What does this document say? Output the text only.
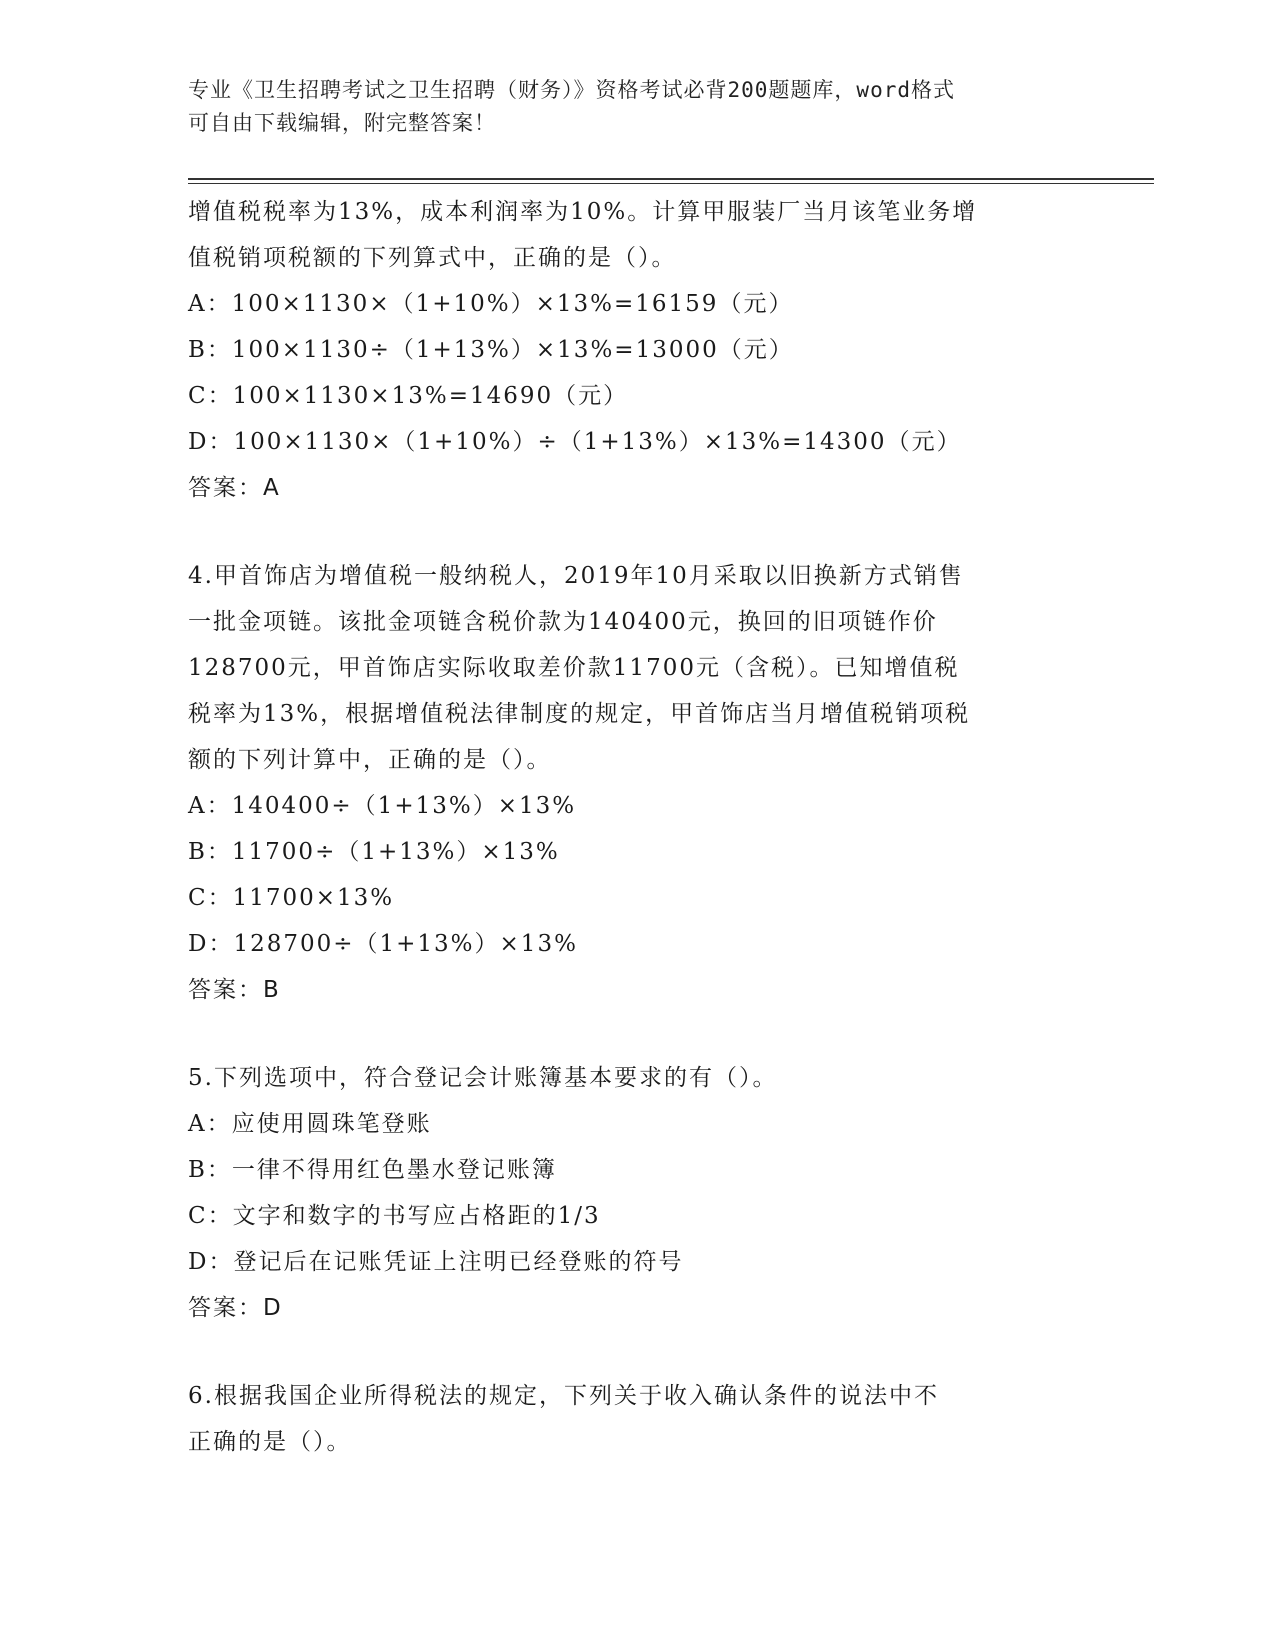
专业《卫生招聘考试之卫生招聘（财务）》资格考试必背200题题库，word格式
可自由下载编辑，附完整答案！
增值税税率为13%，成本利润率为10%。计算甲服装厂当月该笔业务增
值税销项税额的下列算式中，正确的是（）。
A：100×1130×（1+10%）×13%=16159（元）
B：100×1130÷（1+13%）×13%=13000（元）
C：100×1130×13%=14690（元）
D：100×1130×（1+10%）÷（1+13%）×13%=14300（元）
答案：A
4.甲首饰店为增值税一般纳税人，2019年10月采取以旧换新方式销售
一批金项链。该批金项链含税价款为140400元，换回的旧项链作价
128700元，甲首饰店实际收取差价款11700元（含税）。已知增值税
税率为13%，根据增值税法律制度的规定，甲首饰店当月增值税销项税
额的下列计算中，正确的是（）。
A：140400÷（1+13%）×13%
B：11700÷（1+13%）×13%
C：11700×13%
D：128700÷（1+13%）×13%
答案：B
5.下列选项中，符合登记会计账簿基本要求的有（）。
A：应使用圆珠笔登账
B：一律不得用红色墨水登记账簿
C：文字和数字的书写应占格距的1/3
D：登记后在记账凭证上注明已经登账的符号
答案：D
6.根据我国企业所得税法的规定，下列关于收入确认条件的说法中不
正确的是（）。
